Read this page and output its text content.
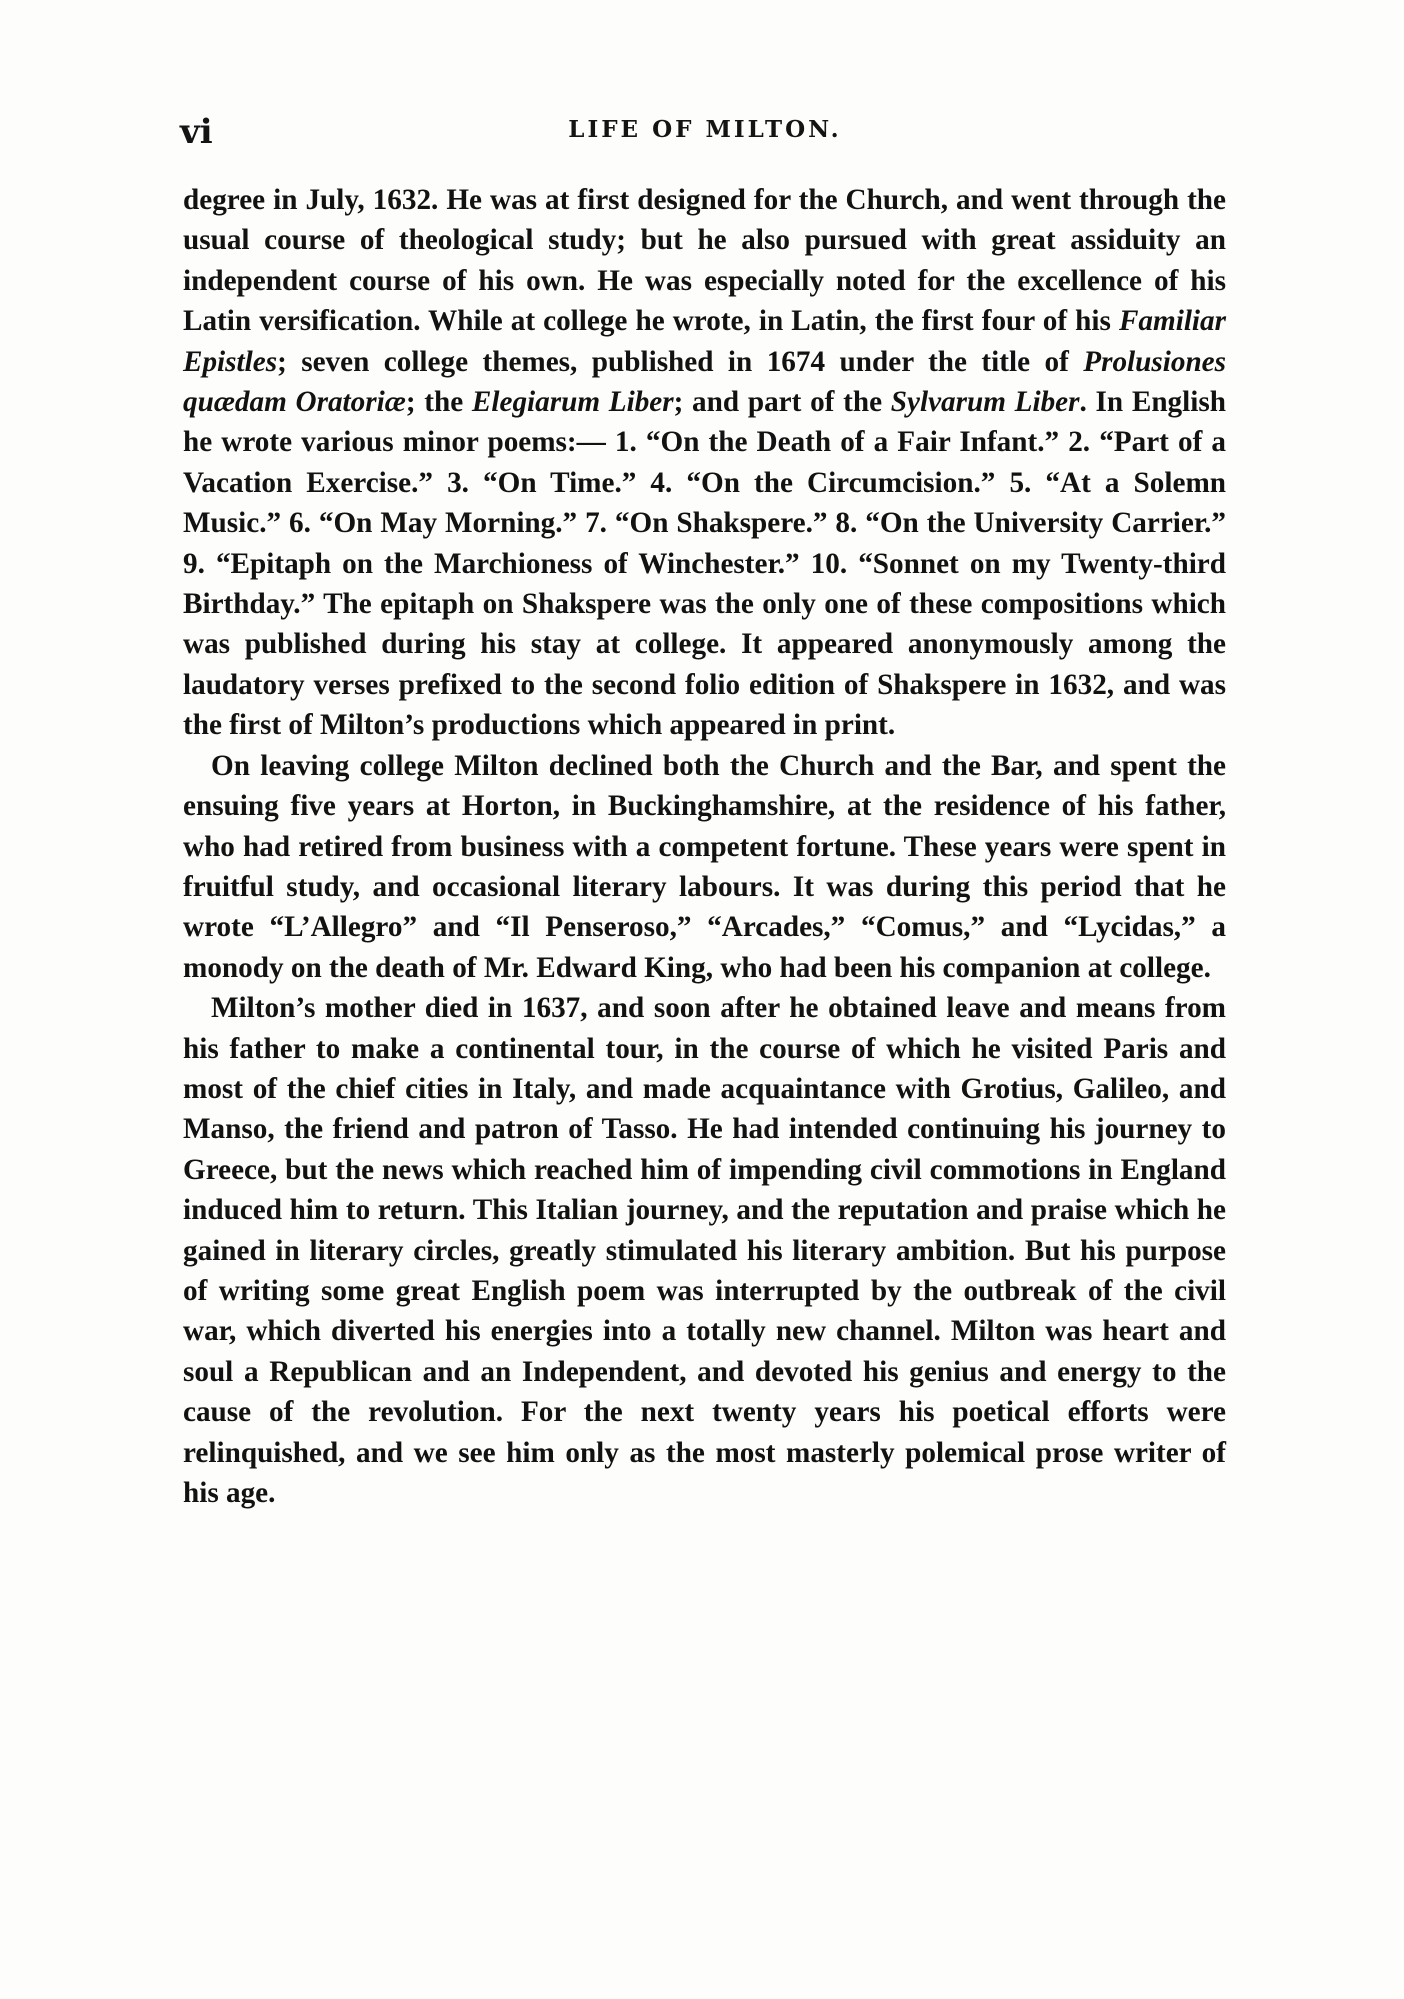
vi	LIFE OF MILTON.

degree in July, 1632. He was at first designed for the Church, and went through the usual course of theological study; but he also pursued with great assiduity an independent course of his own. He was especially noted for the excellence of his Latin versification. While at college he wrote, in Latin, the first four of his Familiar Epistles; seven college themes, published in 1674 under the title of Prolusiones quædam Oratoriæ; the Elegiarum Liber; and part of the Sylvarum Liber. In English he wrote various minor poems:— 1. “On the Death of a Fair Infant.” 2. “Part of a Vacation Exercise.” 3. “On Time.” 4. “On the Circumcision.” 5. “At a Solemn Music.” 6. “On May Morning.” 7. “On Shakspere.” 8. “On the University Carrier.” 9. “Epitaph on the Marchioness of Winchester.” 10. “Sonnet on my Twenty-third Birthday.” The epitaph on Shakspere was the only one of these compositions which was published during his stay at college. It appeared anonymously among the laudatory verses prefixed to the second folio edition of Shakspere in 1632, and was the first of Milton’s productions which appeared in print.

On leaving college Milton declined both the Church and the Bar, and spent the ensuing five years at Horton, in Buckinghamshire, at the residence of his father, who had retired from business with a competent fortune. These years were spent in fruitful study, and occasional literary labours. It was during this period that he wrote “L’Allegro” and “Il Penseroso,” “Arcades,” “Comus,” and “Lycidas,” a monody on the death of Mr. Edward King, who had been his companion at college.

Milton’s mother died in 1637, and soon after he obtained leave and means from his father to make a continental tour, in the course of which he visited Paris and most of the chief cities in Italy, and made acquaintance with Grotius, Galileo, and Manso, the friend and patron of Tasso. He had intended continuing his journey to Greece, but the news which reached him of impending civil commotions in England induced him to return. This Italian journey, and the reputation and praise which he gained in literary circles, greatly stimulated his literary ambition. But his purpose of writing some great English poem was interrupted by the outbreak of the civil war, which diverted his energies into a totally new channel. Milton was heart and soul a Republican and an Independent, and devoted his genius and energy to the cause of the revolution. For the next twenty years his poetical efforts were relinquished, and we see him only as the most masterly polemical prose writer of his age.
